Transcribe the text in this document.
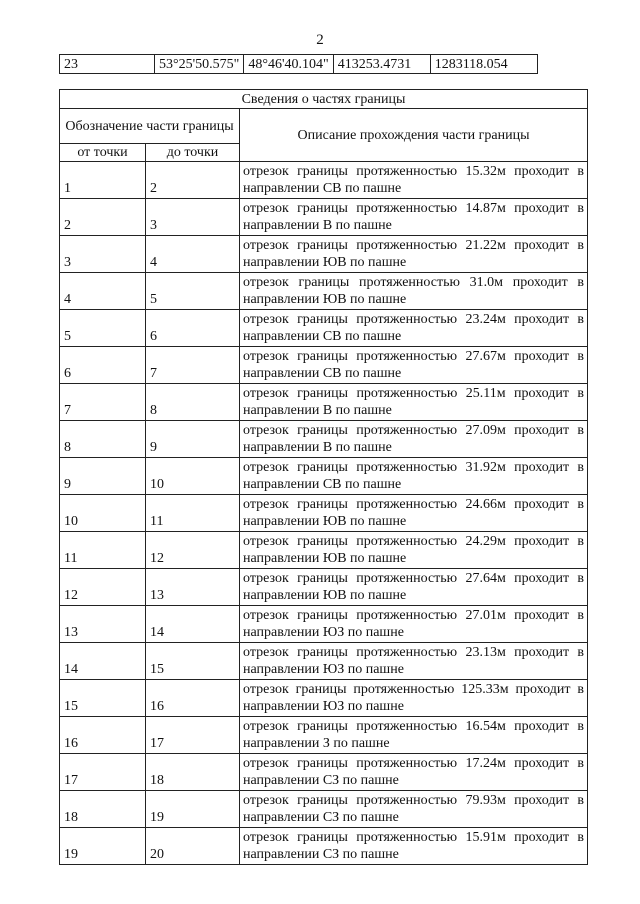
2
23	53°25'50.575"	48°46'40.104"	413253.4731	1283118.054
Сведения о частях границы		
Обозначение части границы		Описание прохождения части границы
от точки	до точки	
1	2	отрезок границы протяженностью 15.32м проходит в направлении СВ по пашне
2	3	отрезок границы протяженностью 14.87м проходит в направлении В по пашне
3	4	отрезок границы протяженностью 21.22м проходит в направлении ЮВ по пашне
4	5	отрезок границы протяженностью 31.0м проходит в направлении ЮВ по пашне
5	6	отрезок границы протяженностью 23.24м проходит в направлении СВ по пашне
6	7	отрезок границы протяженностью 27.67м проходит в направлении СВ по пашне
7	8	отрезок границы протяженностью 25.11м проходит в направлении В по пашне
8	9	отрезок границы протяженностью 27.09м проходит в направлении В по пашне
9	10	отрезок границы протяженностью 31.92м проходит в направлении СВ по пашне
10	11	отрезок границы протяженностью 24.66м проходит в направлении ЮВ по пашне
11	12	отрезок границы протяженностью 24.29м проходит в направлении ЮВ по пашне
12	13	отрезок границы протяженностью 27.64м проходит в направлении ЮВ по пашне
13	14	отрезок границы протяженностью 27.01м проходит в направлении ЮЗ по пашне
14	15	отрезок границы протяженностью 23.13м проходит в направлении ЮЗ по пашне
15	16	отрезок границы протяженностью 125.33м проходит в направлении ЮЗ по пашне
16	17	отрезок границы протяженностью 16.54м проходит в направлении З по пашне
17	18	отрезок границы протяженностью 17.24м проходит в направлении СЗ по пашне
18	19	отрезок границы протяженностью 79.93м проходит в направлении СЗ по пашне
19	20	отрезок границы протяженностью 15.91м проходит в направлении СЗ по пашне
